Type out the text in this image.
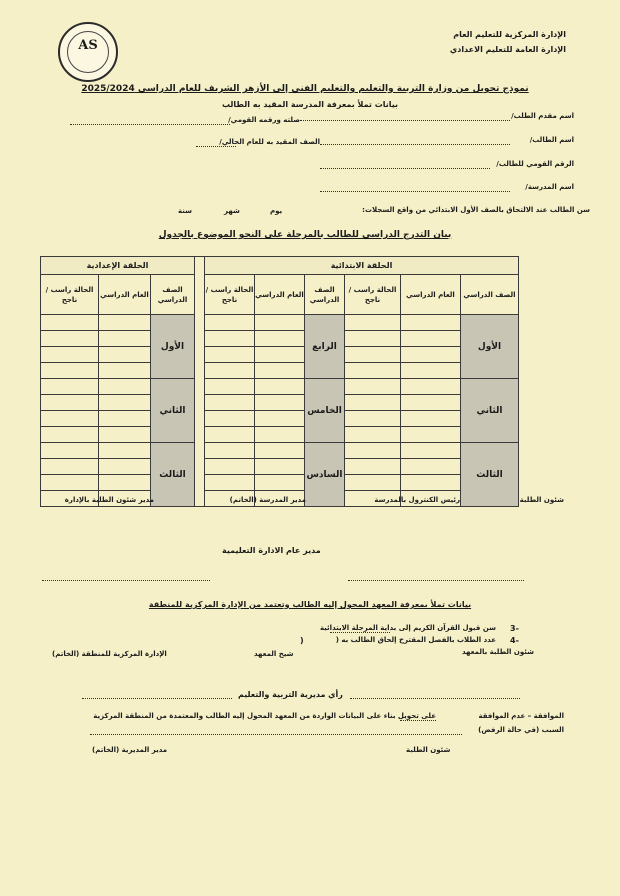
الإدارة المركزية للتعليم العام
الإدارة العامة للتعليم الاعدادي
AS
نموذج تحويل من وزارة التربية والتعليم والتعليم الفني إلى الأزهر الشريف للعام الدراسي 2025/2024
بيانات تملأ بمعرفة المدرسة المقيد به الطالب
اسم مقدم الطلب/
صلته ورقمه القومي/
اسم الطالب/
الصف المقيد به للعام الحالي/
الرقم القومي للطالب/
اسم المدرسة/
سن الطالب عند الالتحاق بالصف الأول الابتدائي من واقع السجلات:
يوم
شهر
سنة
بيان التدرج الدراسي للطالب بالمرحلة على النحو الموضوع بالجدول
الحلقة الإعدادية				الحلقة الابتدائية					
الحالة راسب / ناجح	العام الدراسي	الصف الدراسي		الحالة راسب / ناجح	العام الدراسي	الصف الدراسي	الحالة راسب / ناجح	العام الدراسي	الصف الدراسي
		الأول				الرابع			الأول

		الثاني				الخامس			الثاني

		الثالث				السادس			الثالث

شئون الطلبة
رئيس الكنترول بالمدرسة
مدير المدرسة (الخاتم)
مدير شئون الطلبة بالإدارة
مدير عام الادارة التعليمية
بيانات تملأ بمعرفة المعهد المحول إليه الطالب وتعتمد من الإدارة المركزية للمنطقة
3-
سن قبول القرآن الكريم إلى بداية المرحلة الابتدائية
4-
عدد الطلاب بالفصل المقترح إلحاق الطالب به (
)
شئون الطلبة بالمعهد
شيخ المعهد
الإدارة المركزية للمنطقة (الخاتم)
رأي مديرية التربية والتعليم
الموافقة – عدم الموافقة
على تحويل بناء على البيانات الواردة من المعهد المحول إليه الطالب والمعتمدة من المنطقة المركزية
السبب (في حالة الرفض)
شئون الطلبة
مدير المديرية (الخاتم)
